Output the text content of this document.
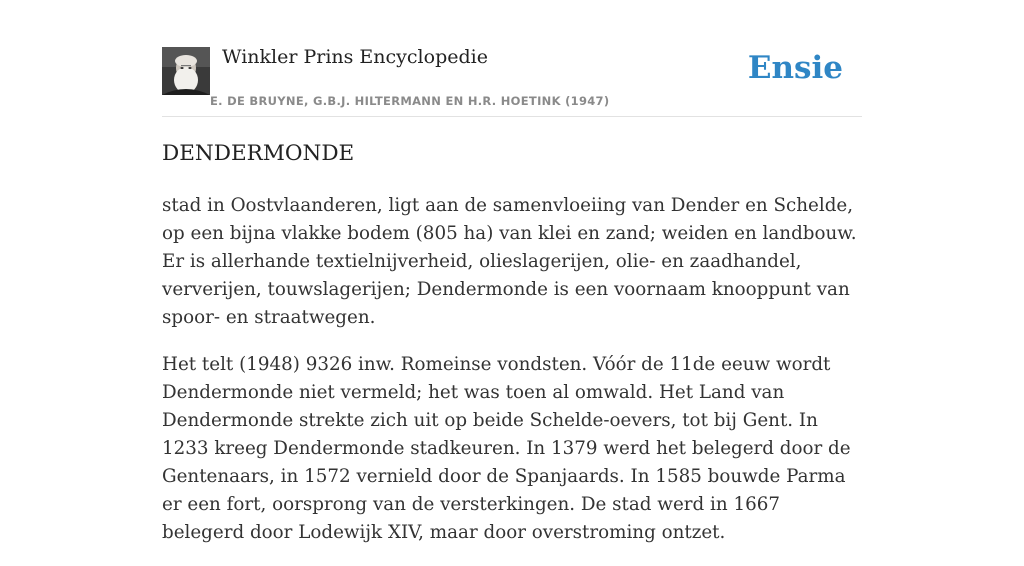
Winkler Prins Encyclopedie
E. DE BRUYNE, G.B.J. HILTERMANN EN H.R. HOETINK (1947)
Ensie
DENDERMONDE

stad in Oostvlaanderen, ligt aan de samenvloeiing van Dender en Schelde, op een bijna vlakke bodem (805 ha) van klei en zand; weiden en landbouw. Er is allerhande textielnijverheid, olieslagerijen, olie- en zaadhandel, ververijen, touwslagerijen; Dendermonde is een voornaam knooppunt van spoor- en straatwegen.

Het telt (1948) 9326 inw. Romeinse vondsten. Vóór de 11de eeuw wordt Dendermonde niet vermeld; het was toen al omwald. Het Land van Dendermonde strekte zich uit op beide Schelde-oevers, tot bij Gent. In 1233 kreeg Dendermonde stadkeuren. In 1379 werd het belegerd door de Gentenaars, in 1572 vernield door de Spanjaards. In 1585 bouwde Parma er een fort, oorsprong van de versterkingen. De stad werd in 1667 belegerd door Lodewijk XIV, maar door overstroming ontzet.
